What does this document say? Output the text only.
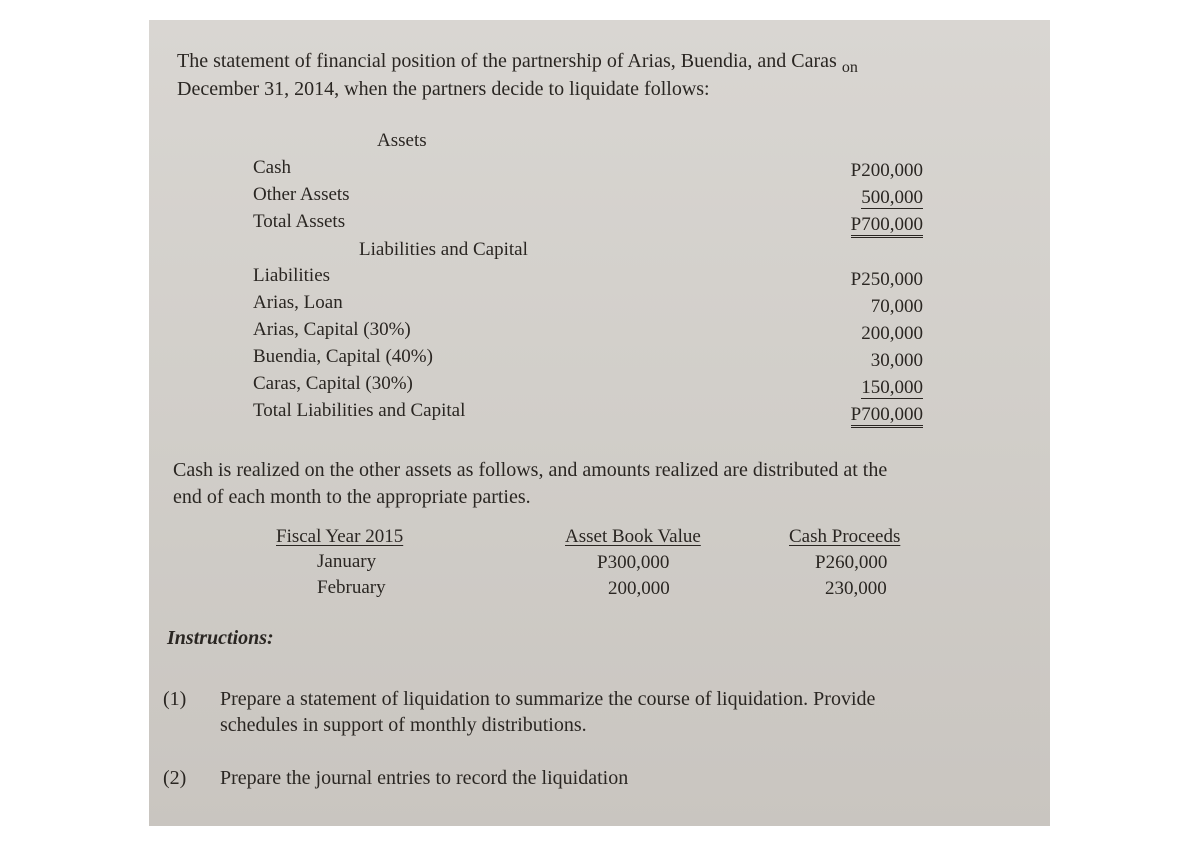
The statement of financial position of the partnership of Arias, Buendia, and Caras $_{on}$
December 31, 2014, when the partners decide to liquidate follows:
Assets
Cash	P200,000
Other Assets	500,000
Total Assets	P700,000
Liabilities and Capital
Liabilities	P250,000
Arias, Loan	70,000
Arias, Capital (30%)	200,000
Buendia, Capital (40%)	30,000
Caras, Capital (30%)	150,000
Total Liabilities and Capital	P700,000
Cash is realized on the other assets as follows, and amounts realized are distributed at the
end of each month to the appropriate parties.
Fiscal Year 2015	Asset Book Value	Cash Proceeds
January	P300,000	P260,000
February	200,000	230,000
Instructions:
(1) Prepare a statement of liquidation to summarize the course of liquidation. Provide
schedules in support of monthly distributions.
(2) Prepare the journal entries to record the liquidation
